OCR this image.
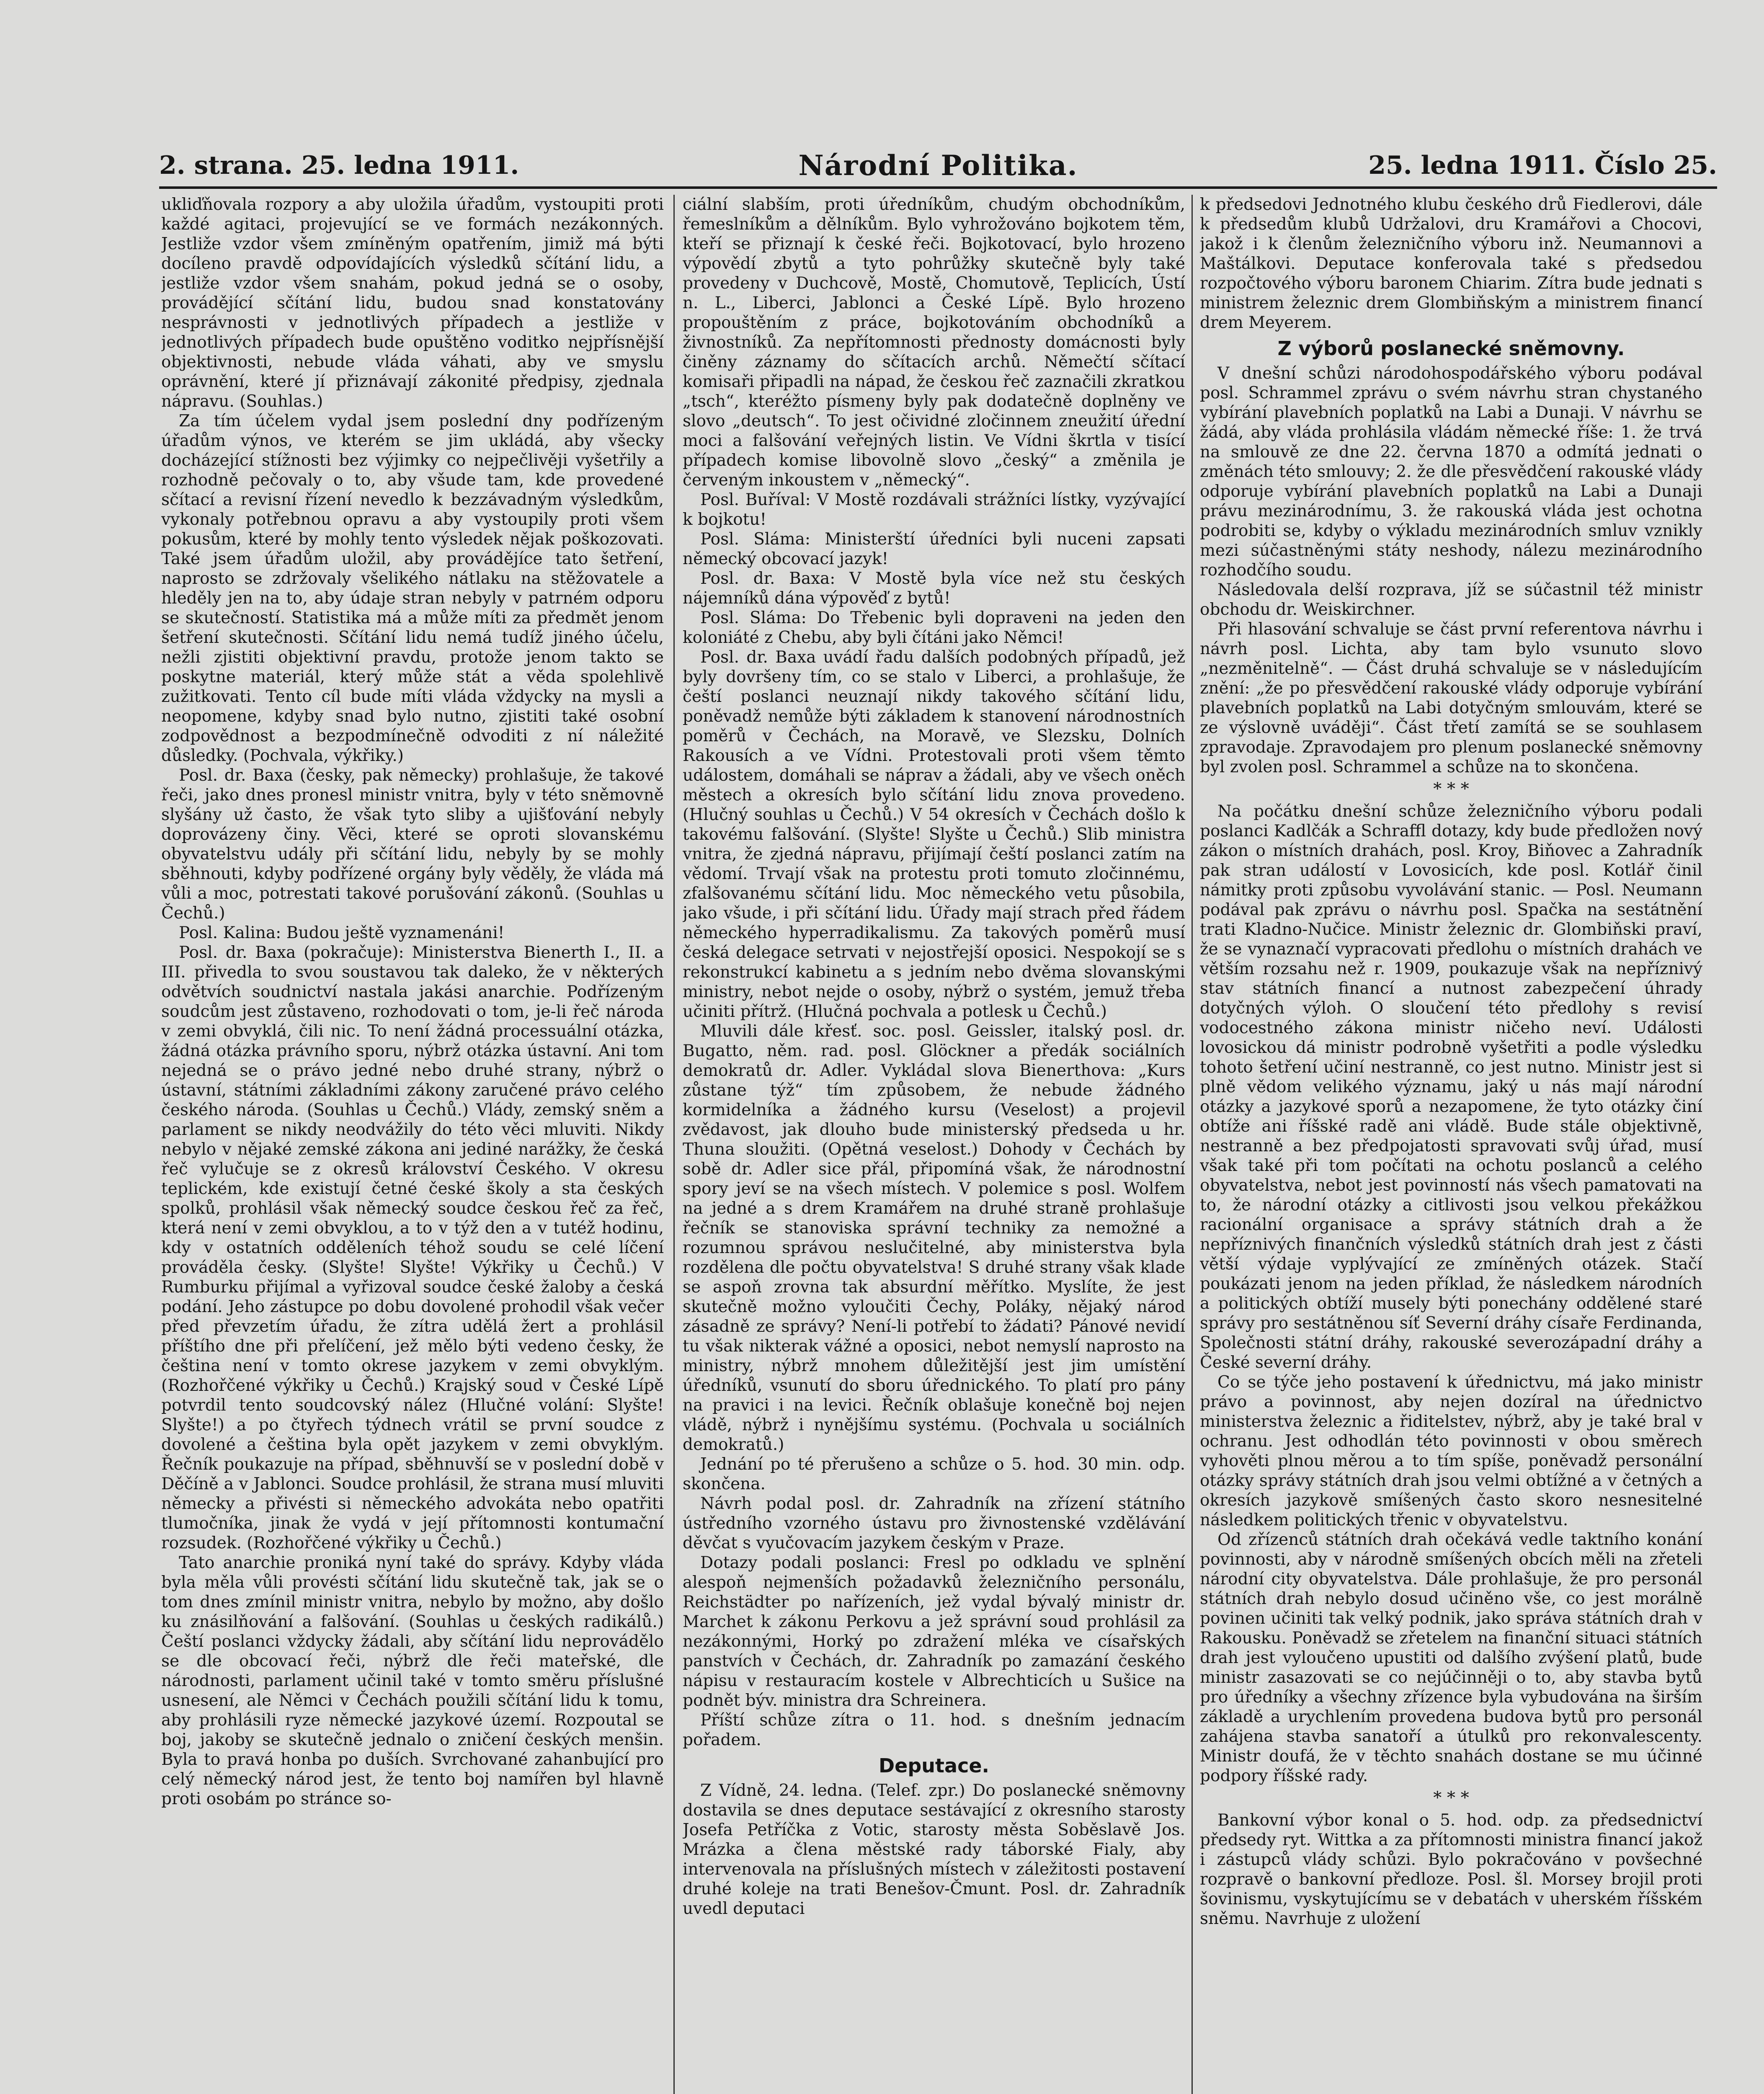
2. strana. 25. ledna 1911.	Národní Politika.	25. ledna 1911. Číslo 25.

ukliďňovala rozpory a aby uložila úřadům, vystoupiti proti každé agitaci, projevující se ve formách nezákonných. Jestliže vzdor všem zmíněným opatřením, jimiž má býti docíleno pravdě odpovídajících výsledků sčítání lidu, a jestliže vzdor všem snahám, pokud jedná se o osoby, provádějící sčítání lidu, budou snad konstatovány nesprávnosti v jednotlivých případech a jestliže v jednotlivých případech bude opuštěno voditko nejpřísnější objektivnosti, nebude vláda váhati, aby ve smyslu oprávnění, které jí přiznávají zákonité předpisy, zjednala nápravu. (Souhlas.)

Za tím účelem vydal jsem poslední dny podřízeným úřadům výnos, ve kterém se jim ukládá, aby všecky docházející stížnosti bez výjimky co nejpečlivěji vyšetřily a rozhodně pečovaly o to, aby všude tam, kde provedené sčítací a revisní řízení nevedlo k bezzávadným výsledkům, vykonaly potřebnou opravu a aby vystoupily proti všem pokusům, které by mohly tento výsledek nějak poškozovati. Také jsem úřadům uložil, aby provádějíce tato šetření, naprosto se zdržovaly všelikého nátlaku na stěžovatele a hleděly jen na to, aby údaje stran nebyly v patrném odporu se skutečností. Statistika má a může míti za předmět jenom šetření skutečnosti. Sčítání lidu nemá tudíž jiného účelu, nežli zjistiti objektivní pravdu, protože jenom takto se poskytne materiál, který může stát a věda spolehlivě zužitkovati. Tento cíl bude míti vláda vždycky na mysli a neopomene, kdyby snad bylo nutno, zjistiti také osobní zodpovědnost a bezpodmínečně odvoditi z ní náležité důsledky. (Pochvala, výkřiky.)

Posl. dr. Baxa (česky, pak německy) prohlašuje, že takové řeči, jako dnes pronesl ministr vnitra, byly v této sněmovně slyšány už často, že však tyto sliby a ujišťování nebyly doprovázeny činy. Věci, které se oproti slovanskému obyvatelstvu udály při sčítání lidu, nebyly by se mohly sběhnouti, kdyby podřízené orgány byly věděly, že vláda má vůli a moc, potrestati takové porušování zákonů. (Souhlas u Čechů.)

Posl. Kalina: Budou ještě vyznamenáni!

Posl. dr. Baxa (pokračuje): Ministerstva Bienerth I., II. a III. přivedla to svou soustavou tak daleko, že v některých odvětvích soudnictví nastala jakási anarchie. Podřízeným soudcům jest zůstaveno, rozhodovati o tom, je-li řeč národa v zemi obvyklá, čili nic. To není žádná processuální otázka, žádná otázka právního sporu, nýbrž otázka ústavní. Ani tom nejedná se o právo jedné nebo druhé strany, nýbrž o ústavní, státními základními zákony zaručené právo celého českého národa. (Souhlas u Čechů.) Vlády, zemský sněm a parlament se nikdy neodvážily do této věci mluviti. Nikdy nebylo v nějaké zemské zákona ani jediné narážky, že česká řeč vylučuje se z okresů království Českého. V okresu teplickém, kde existují četné české školy a sta českých spolků, prohlásil však německý soudce českou řeč za řeč, která není v zemi obvyklou, a to v týž den a v tutéž hodinu, kdy v ostatních odděleních téhož soudu se celé líčení prováděla česky. (Slyšte! Slyšte! Výkřiky u Čechů.) V Rumburku přijímal a vyřizoval soudce české žaloby a česká podání. Jeho zástupce po dobu dovolené prohodil však večer před převzetím úřadu, že zítra udělá žert a prohlásil příštího dne při přelíčení, jež mělo býti vedeno česky, že čeština není v tomto okrese jazykem v zemi obvyklým. (Rozhořčené výkřiky u Čechů.) Krajský soud v České Lípě potvrdil tento soudcovský nález (Hlučné volání: Slyšte! Slyšte!) a po čtyřech týdnech vrátil se první soudce z dovolené a čeština byla opět jazykem v zemi obvyklým. Řečník poukazuje na případ, sběhnuvší se v poslední době v Děčíně a v Jablonci. Soudce prohlásil, že strana musí mluviti německy a přivésti si německého advokáta nebo opatřiti tlumočníka, jinak že vydá v její přítomnosti kontumační rozsudek. (Rozhořčené výkřiky u Čechů.)

Tato anarchie proniká nyní také do správy. Kdyby vláda byla měla vůli provésti sčítání lidu skutečně tak, jak se o tom dnes zmínil ministr vnitra, nebylo by možno, aby došlo ku znásilňování a falšování. (Souhlas u českých radikálů.) Čeští poslanci vždycky žádali, aby sčítání lidu neprovádělo se dle obcovací řeči, nýbrž dle řeči mateřské, dle národnosti, parlament učinil také v tomto směru příslušné usnesení, ale Němci v Čechách použili sčítání lidu k tomu, aby prohlásili ryze německé jazykové území. Rozpoutal se boj, jakoby se skutečně jednalo o zničení českých menšin. Byla to pravá honba po duších. Svrchované zahanbující pro celý německý národ jest, že tento boj namířen byl hlavně proti osobám po stránce so-

ciální slabším, proti úředníkům, chudým obchodníkům, řemeslníkům a dělníkům. Bylo vyhrožováno bojkotem těm, kteří se přiznají k české řeči. Bojkotovací, bylo hrozeno výpovědí zbytů a tyto pohrůžky skutečně byly také provedeny v Duchcově, Mostě, Chomutově, Teplicích, Ústí n. L., Liberci, Jablonci a České Lípě. Bylo hrozeno propouštěním z práce, bojkotováním obchodníků a živnostníků. Za nepřítomnosti přednosty domácnosti byly činěny záznamy do sčítacích archů. Němečtí sčítací komisaři připadli na nápad, že českou řeč zaznačili zkratkou „tsch“, kteréžto písmeny byly pak dodatečně doplněny ve slovo „deutsch“. To jest očividné zločinnem zneužití úřední moci a falšování veřejných listin. Ve Vídni škrtla v tisící případech komise libovolně slovo „český“ a změnila je červeným inkoustem v „německý“.

Posl. Buříval: V Mostě rozdávali strážníci lístky, vyzývající k bojkotu!

Posl. Sláma: Ministerští úředníci byli nuceni zapsati německý obcovací jazyk!

Posl. dr. Baxa: V Mostě byla více než stu českých nájemníků dána výpověď z bytů!

Posl. Sláma: Do Třebenic byli dopraveni na jeden den koloniáté z Chebu, aby byli čítáni jako Němci!

Posl. dr. Baxa uvádí řadu dalších podobných případů, jež byly dovršeny tím, co se stalo v Liberci, a prohlašuje, že čeští poslanci neuznají nikdy takového sčítání lidu, poněvadž nemůže býti základem k stanovení národnostních poměrů v Čechách, na Moravě, ve Slezsku, Dolních Rakousích a ve Vídni. Protestovali proti všem těmto událostem, domáhali se náprav a žádali, aby ve všech oněch městech a okresích bylo sčítání lidu znova provedeno. (Hlučný souhlas u Čechů.) V 54 okresích v Čechách došlo k takovému falšování. (Slyšte! Slyšte u Čechů.) Slib ministra vnitra, že zjedná nápravu, přijímají čeští poslanci zatím na vědomí. Trvají však na protestu proti tomuto zločinnému, zfalšovanému sčítání lidu. Moc německého vetu působila, jako všude, i při sčítání lidu. Úřady mají strach před řádem německého hyperradikalismu. Za takových poměrů musí česká delegace setrvati v nejostřejší oposici. Nespokojí se s rekonstrukcí kabinetu a s jedním nebo dvěma slovanskými ministry, nebot nejde o osoby, nýbrž o systém, jemuž třeba učiniti přítrž. (Hlučná pochvala a potlesk u Čechů.)

Mluvili dále křesť. soc. posl. Geissler, italský posl. dr. Bugatto, něm. rad. posl. Glöckner a předák sociálních demokratů dr. Adler. Vykládal slova Bienerthova: „Kurs zůstane týž“ tím způsobem, že nebude žádného kormidelníka a žádného kursu (Veselost) a projevil zvědavost, jak dlouho bude ministerský předseda u hr. Thuna sloužiti. (Opětná veselost.) Dohody v Čechách by sobě dr. Adler sice přál, připomíná však, že národnostní spory jeví se na všech místech. V polemice s posl. Wolfem na jedné a s drem Kramářem na druhé straně prohlašuje řečník se stanoviska správní techniky za nemožné a rozumnou správou neslučitelné, aby ministerstva byla rozdělena dle počtu obyvatelstva! S druhé strany však klade se aspoň zrovna tak absurdní měřítko. Myslíte, že jest skutečně možno vyloučiti Čechy, Poláky, nějaký národ zásadně ze správy? Není-li potřebí to žádati? Pánové nevidí tu však nikterak vážné a oposici, nebot nemyslí naprosto na ministry, nýbrž mnohem důležitější jest jim umístění úředníků, vsunutí do sboru úřednického. To platí pro pány na pravici i na levici. Řečník oblašuje konečně boj nejen vládě, nýbrž i nynějšímu systému. (Pochvala u sociálních demokratů.)

Jednání po té přerušeno a schůze o 5. hod. 30 min. odp. skončena.

Návrh podal posl. dr. Zahradník na zřízení státního ústředního vzorného ústavu pro živnostenské vzdělávání děvčat s vyučovacím jazykem českým v Praze.

Dotazy podali poslanci: Fresl po odkladu ve splnění alespoň nejmenších požadavků železničního personálu, Reichstädter po nařízeních, jež vydal bývalý ministr dr. Marchet k zákonu Perkovu a jež správní soud prohlásil za nezákonnými, Horký po zdražení mléka ve císařských panstvích v Čechách, dr. Zahradník po zamazání českého nápisu v restauracím kostele v Albrechticích u Sušice na podnět býv. ministra dra Schreinera.

Příští schůze zítra o 11. hod. s dnešním jednacím pořadem.

Deputace.

Z Vídně, 24. ledna. (Telef. zpr.) Do poslanecké sněmovny dostavila se dnes deputace sestávající z okresního starosty Josefa Petříčka z Votic, starosty města Soběslavě Jos. Mrázka a člena městské rady táborské Fialy, aby intervenovala na příslušných místech v záležitosti postavení druhé koleje na trati Benešov-Čmunt. Posl. dr. Zahradník uvedl deputaci

k předsedovi Jednotného klubu českého drů Fiedlerovi, dále k předsedům klubů Udržalovi, dru Kramářovi a Chocovi, jakož i k členům železničního výboru inž. Neumannovi a Maštálkovi. Deputace konferovala také s předsedou rozpočtového výboru baronem Chiarim. Zítra bude jednati s ministrem železnic drem Glombiňským a ministrem financí drem Meyerem.

Z výborů poslanecké sněmovny.

V dnešní schůzi národohospodářského výboru podával posl. Schrammel zprávu o svém návrhu stran chystaného vybírání plavebních poplatků na Labi a Dunaji. V návrhu se žádá, aby vláda prohlásila vládám německé říše: 1. že trvá na smlouvě ze dne 22. června 1870 a odmítá jednati o změnách této smlouvy; 2. že dle přesvědčení rakouské vlády odporuje vybírání plavebních poplatků na Labi a Dunaji právu mezinárodnímu, 3. že rakouská vláda jest ochotna podrobiti se, kdyby o výkladu mezinárodních smluv vznikly mezi súčastněnými státy neshody, nálezu mezinárodního rozhodčího soudu.

Následovala delší rozprava, jíž se súčastnil též ministr obchodu dr. Weiskirchner.

Při hlasování schvaluje se část první referentova návrhu i návrh posl. Lichta, aby tam bylo vsunuto slovo „nezměnitelně“. — Část druhá schvaluje se v následujícím znění: „že po přesvědčení rakouské vlády odporuje vybírání plavebních poplatků na Labi dotyčným smlouvám, které se ze výslovně uváději“. Část třetí zamítá se se souhlasem zpravodaje. Zpravodajem pro plenum poslanecké sněmovny byl zvolen posl. Schrammel a schůze na to skončena.

* * *

Na počátku dnešní schůze železničního výboru podali poslanci Kadlčák a Schraffl dotazy, kdy bude předložen nový zákon o místních drahách, posl. Kroy, Biňovec a Zahradník pak stran událostí v Lovosicích, kde posl. Kotlář činil námitky proti způsobu vyvolávání stanic. — Posl. Neumann podával pak zprávu o návrhu posl. Spačka na sestátnění trati Kladno-Nučice. Ministr železnic dr. Glombiňski praví, že se vynaznačí vypracovati předlohu o místních drahách ve větším rozsahu než r. 1909, poukazuje však na nepříznivý stav státních financí a nutnost zabezpečení úhrady dotyčných výloh. O sloučení této předlohy s revisí vodocestného zákona ministr ničeho neví. Události lovosickou dá ministr podrobně vyšetřiti a podle výsledku tohoto šetření učiní nestranně, co jest nutno. Ministr jest si plně vědom velikého významu, jaký u nás mají národní otázky a jazykové sporů a nezapomene, že tyto otázky činí obtíže ani říšské radě ani vládě. Bude stále objektivně, nestranně a bez předpojatosti spravovati svůj úřad, musí však také při tom počítati na ochotu poslanců a celého obyvatelstva, nebot jest povinností nás všech pamatovati na to, že národní otázky a citlivosti jsou velkou překážkou racionální organisace a správy státních drah a že nepříznivých finančních výsledků státních drah jest z části větší výdaje vyplývající ze zmíněných otázek. Stačí poukázati jenom na jeden příklad, že následkem národních a politických obtíží musely býti ponechány oddělené staré správy pro sestátněnou síť Severní dráhy císaře Ferdinanda, Společnosti státní dráhy, rakouské severozápadní dráhy a České severní dráhy.

Co se týče jeho postavení k úřednictvu, má jako ministr právo a povinnost, aby nejen dozíral na úřednictvo ministerstva železnic a řiditelstev, nýbrž, aby je také bral v ochranu. Jest odhodlán této povinnosti v obou směrech vyhověti plnou měrou a to tím spíše, poněvadž personální otázky správy státních drah jsou velmi obtížné a v četných a okresích jazykově smíšených často skoro nesnesitelné následkem politických třenic v obyvatelstvu.

Od zřízenců státních drah očekává vedle taktního konání povinnosti, aby v národně smíšených obcích měli na zřeteli národní city obyvatelstva. Dále prohlašuje, že pro personál státních drah nebylo dosud učiněno vše, co jest morálně povinen učiniti tak velký podnik, jako správa státních drah v Rakousku. Poněvadž se zřetelem na finanční situaci státních drah jest vyloučeno upustiti od dalšího zvýšení platů, bude ministr zasazovati se co nejúčinněji o to, aby stavba bytů pro úředníky a všechny zřízence byla vybudována na širším základě a urychlením provedena budova bytů pro personál zahájena stavba sanatoří a útulků pro rekonvalescenty. Ministr doufá, že v těchto snahách dostane se mu účinné podpory říšské rady.

* * *

Bankovní výbor konal o 5. hod. odp. za předsednictví předsedy ryt. Wittka a za přítomnosti ministra financí jakož i zástupců vlády schůzi. Bylo pokračováno v povšechné rozpravě o bankovní předloze. Posl. šl. Morsey brojil proti šovinismu, vyskytujícímu se v debatách v uherském říšském sněmu. Navrhuje z uložení
